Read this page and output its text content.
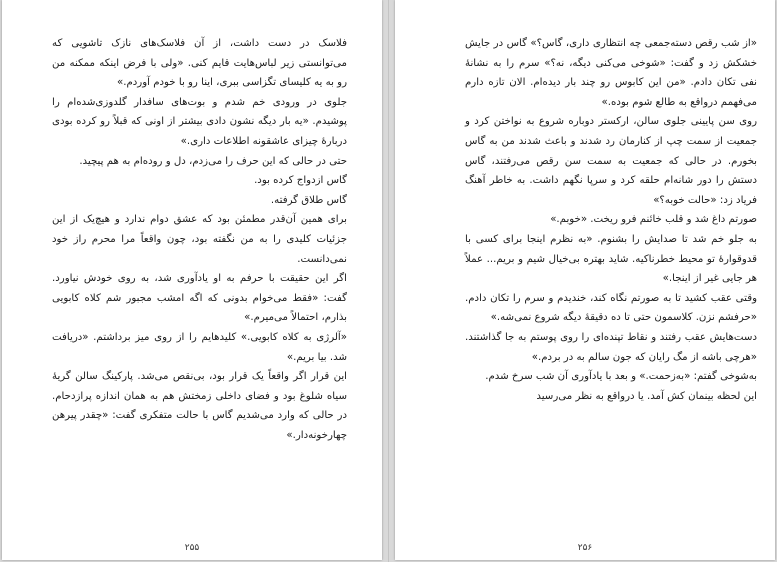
فلاسک در دست داشت، از آن فلاسک‌های نازک تاشویی که می‌توانستی زیر لباس‌هایت قایم کنی. «ولی با فرض اینکه ممکنه من رو به یه کلیسای تگزاسی ببری، اینا رو با خودم آوردم.»

جلوی در ورودی خم شدم و بوت‌های سافدار گلدوزی‌شده‌ام را پوشیدم. «یه بار دیگه نشون دادی بیشتر از اونی که قبلاً رو کرده بودی دربارهٔ چیزای عاشقونه اطلاعات داری.»

حتی در حالی که این حرف را می‌زدم، دل و روده‌ام به هم پیچید.

گاس ازدواج کرده بود.

گاس طلاق گرفته.

برای همین آن‌قدر مطمئن بود که عشق دوام ندارد و هیچ‌یک از این جزئیات کلیدی را به من نگفته بود، چون واقعاً مرا محرم راز خود نمی‌دانست.

اگر این حقیقت با حرفم به او یادآوری شد، به روی خودش نیاورد. گفت: «فقط می‌خوام بدونی که اگه امشب مجبور شم کلاه کابویی بذارم، احتمالاً می‌میرم.»

«آلرژی به کلاه کابویی.» کلیدهایم را از روی میز برداشتم. «دریافت شد. بیا بریم.»

این قرار اگر واقعاً یک قرار بود، بی‌نقص می‌شد. پارکینگ سالن گریهٔ سیاه شلوغ بود و فضای داخلی زمختش هم به همان اندازه پرازدحام. در حالی که وارد می‌شدیم گاس با حالت متفکری گفت: «چقدر پیرهن چهارخونه‌دار.»

۲۵۵

«از شب رقص دسته‌جمعی چه انتظاری داری، گاس؟» گاس در جایش خشکش زد و گفت: «شوخی می‌کنی دیگه، نه؟» سرم را به نشانهٔ نفی تکان دادم. «من این کابوس رو چند بار دیده‌ام. الان تازه دارم می‌فهمم درواقع به طالع شوم بوده.»

روی سن پایینی جلوی سالن، ارکستر دوباره شروع به نواختن کرد و جمعیت از سمت چپ از کنارمان رد شدند و باعث شدند من به گاس بخورم. در حالی که جمعیت به سمت سن رقص می‌رفتند، گاس دستش را دور شانه‌ام حلقه کرد و سرپا نگهم داشت. به خاطر آهنگ فریاد زد: «حالت خوبه؟»

صورتم داغ شد و قلب خائنم فرو ریخت. «خوبم.»

به جلو خم شد تا صدایش را بشنوم. «به نظرم اینجا برای کسی با قدوقوارهٔ تو محیط خطرناکیه. شاید بهتره بی‌خیال شیم و بریم... عملاً هر جایی غیر از اینجا.»

وقتی عقب کشید تا به صورتم نگاه کند، خندیدم و سرم را تکان دادم. «حرفشم نزن. کلاسمون حتی تا ده دقیقهٔ دیگه شروع نمی‌شه.»

دست‌هایش عقب رفتند و نقاط تپنده‌ای را روی پوستم به جا گذاشتند. «هرچی باشه از مگ رایان که جون سالم به در بردم.»

به‌شوخی گفتم: «به‌زحمت.» و بعد با یادآوری آن شب سرخ شدم.

این لحظه بینمان کش آمد. یا درواقع به نظر می‌رسید

۲۵۶
